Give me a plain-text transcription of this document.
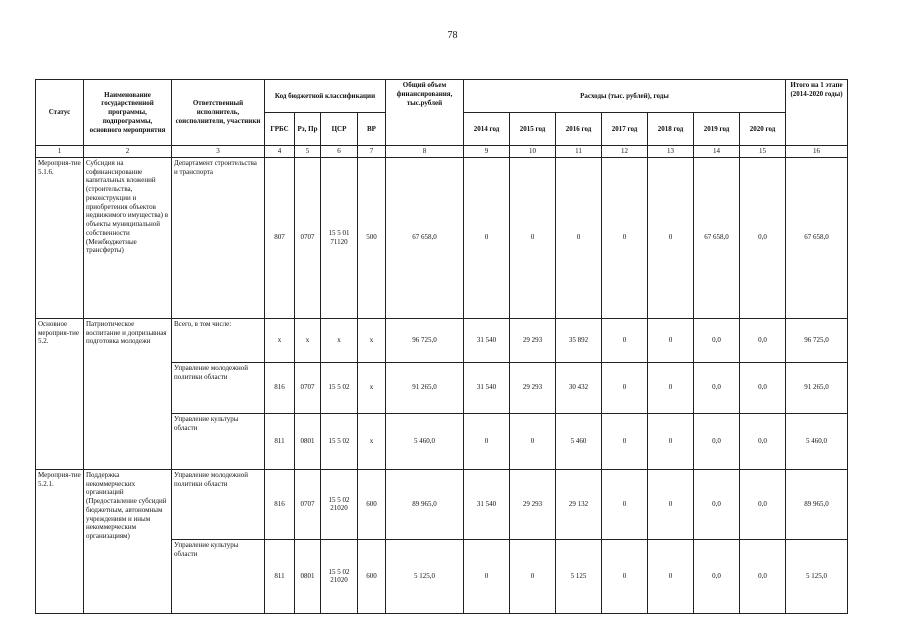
78
Статус	Наименование государственной программы, подпрограммы, основного мероприятия	Ответственный исполнитель, соисполнители, участники	Код бюджетной классификации				Общий объем финансирования, тыс.рублей	Расходы (тыс. рублей), годы							Итого на 1 этапе (2014-2020 годы)
			ГРБС	Рз, Пр	ЦСР	ВР		2014 год	2015 год	2016 год	2017 год	2018 год	2019 год	2020 год	
1	2	3	4	5	6	7	8	9	10	11	12	13	14	15	16
Мероприя-тие 5.1.6.	Субсидия на софинансирование капитальных вложений (строительства, реконструкции и приобретения объектов недвижимого имущества) в объекты муниципальной собственности (Межбюджетные трансферты)	Департамент строительства и транспорта	807	0707	15 5 01 71120	500	67 658,0	0	0	0	0	0	67 658,0	0,0	67 658,0
Основное мероприя-тие 5.2.	Патриотическое воспитание и допризывная подготовка молодежи	Всего, в том числе:	х	х	х	х	96 725,0	31 540	29 293	35 892	0	0	0,0	0,0	96 725,0
		Управление молодежной политики области	816	0707	15 5 02	х	91 265,0	31 540	29 293	30 432	0	0	0,0	0,0	91 265,0
		Управление культуры области	811	0801	15 5 02	х	5 460,0	0	0	5 460	0	0	0,0	0,0	5 460,0
Мероприя-тие 5.2.1.	Поддержка некоммерческих организаций (Предоставление субсидий бюджетным, автономным учреждениям и иным некоммерческим организациям)	Управление молодежной политики области	816	0707	15 5 02 21020	600	89 965,0	31 540	29 293	29 132	0	0	0,0	0,0	89 965,0
		Управление культуры области	811	0801	15 5 02 21020	600	5 125,0	0	0	5 125	0	0	0,0	0,0	5 125,0
